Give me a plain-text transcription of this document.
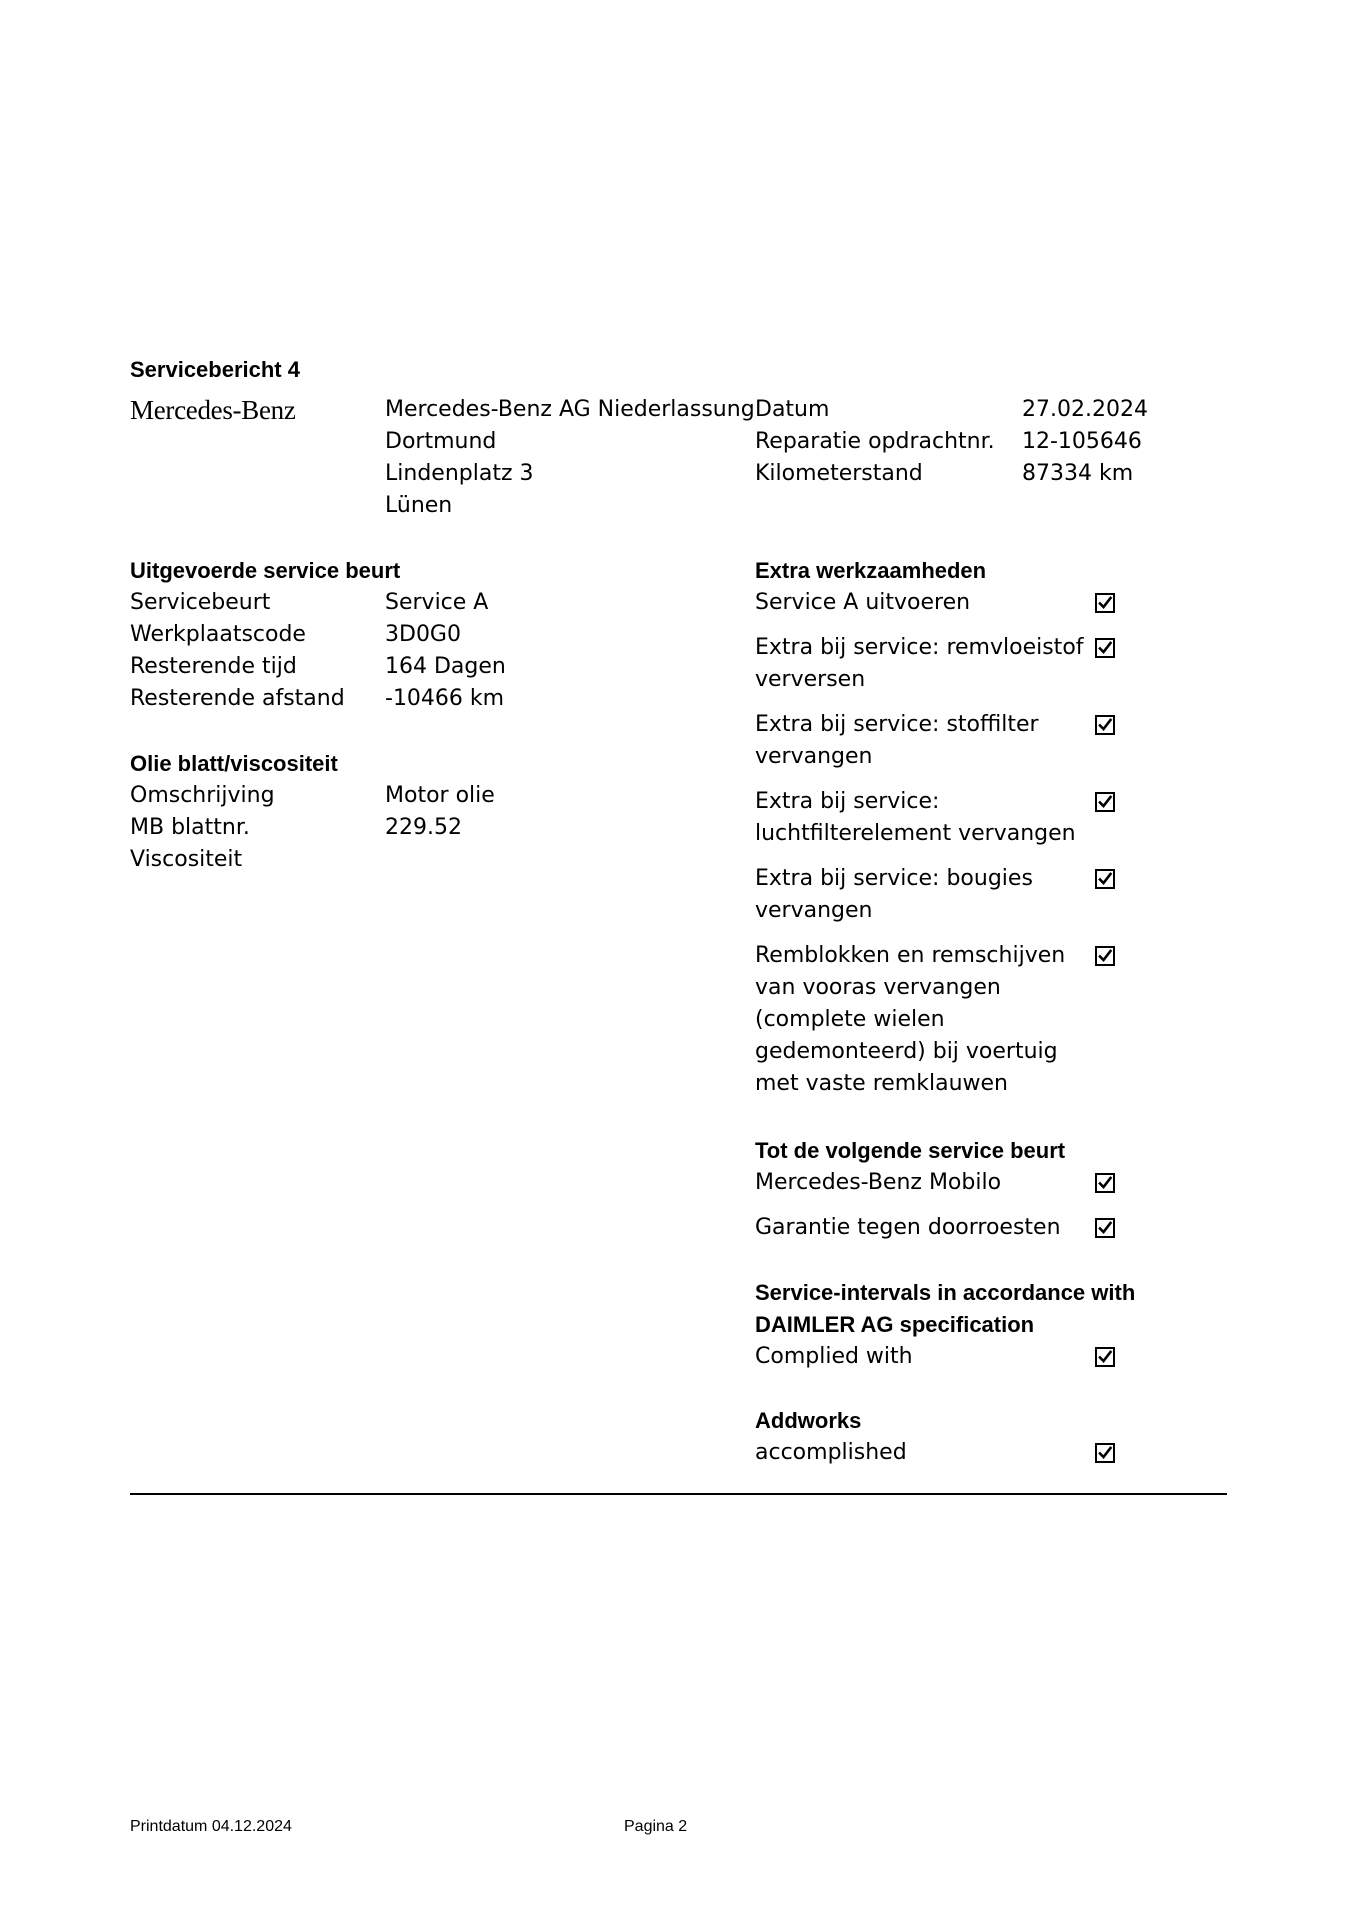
Servicebericht 4
Mercedes-Benz	Mercedes-Benz AG Niederlassung
Dortmund
Lindenplatz 3
Lünen
Datum
Reparatie opdrachtnr.
Kilometerstand
27.02.2024
12-105646
87334 km
Uitgevoerde service beurt
Servicebeurt
Werkplaatscode
Resterende tijd
Resterende afstand
Service A
3D0G0
164 Dagen
-10466 km
Olie blatt/viscositeit
Omschrijving
MB blattnr.
Viscositeit
Motor olie
229.52
Extra werkzaamheden
Service A uitvoeren
Extra bij service: remvloeistof
verversen
Extra bij service: stoffilter
vervangen
Extra bij service:
luchtfilterelement vervangen
Extra bij service: bougies
vervangen
Remblokken en remschijven
van vooras vervangen
(complete wielen
gedemonteerd) bij voertuig
met vaste remklauwen
Tot de volgende service beurt
Mercedes-Benz Mobilo
Garantie tegen doorroesten
Service-intervals in accordance with
DAIMLER AG specification
Complied with
Addworks
accomplished
Printdatum 04.12.2024	Pagina 2
